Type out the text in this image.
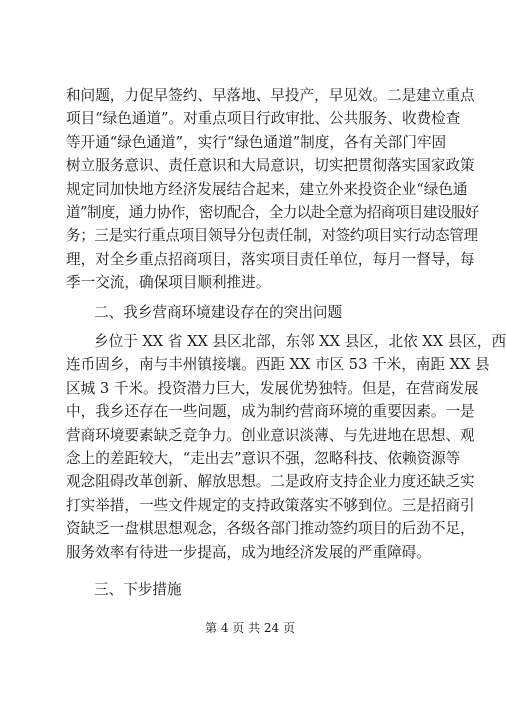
和问题，力促早签约、早落地、早投产，早见效。二是建立重点
项目“绿色通道”。对重点项目行政审批、公共服务、收费检查
等开通“绿色通道”，实行“绿色通道”制度，各有关部门牢固
树立服务意识、责任意识和大局意识，切实把贯彻落实国家政策
规定同加快地方经济发展结合起来，建立外来投资企业“绿色通
道”制度，通力协作，密切配合，全力以赴全意为招商项目建设服好
务；三是实行重点项目领导分包责任制，对签约项目实行动态管理
理，对全乡重点招商项目，落实项目责任单位，每月一督导，每
季一交流，确保项目顺利推进。
二、我乡营商环境建设存在的突出问题
乡位于 XX 省 XX 县区北部，东邻 XX 县区，北依 XX 县区，西
连币固乡，南与丰州镇接壤。西距 XX 市区 53 千米，南距 XX 县
区城 3 千米。投资潜力巨大，发展优势独特。但是，在营商发展
中，我乡还存在一些问题，成为制约营商环境的重要因素。一是
营商环境要素缺乏竞争力。创业意识淡薄、与先进地在思想、观
念上的差距较大，“走出去”意识不强，忽略科技、依赖资源等
观念阻碍改革创新、解放思想。二是政府支持企业力度还缺乏实
打实举措，一些文件规定的支持政策落实不够到位。三是招商引
资缺乏一盘棋思想观念，各级各部门推动签约项目的后劲不足，
服务效率有待进一步提高，成为地经济发展的严重障碍。
第 4 页 共 24 页
三、下步措施
